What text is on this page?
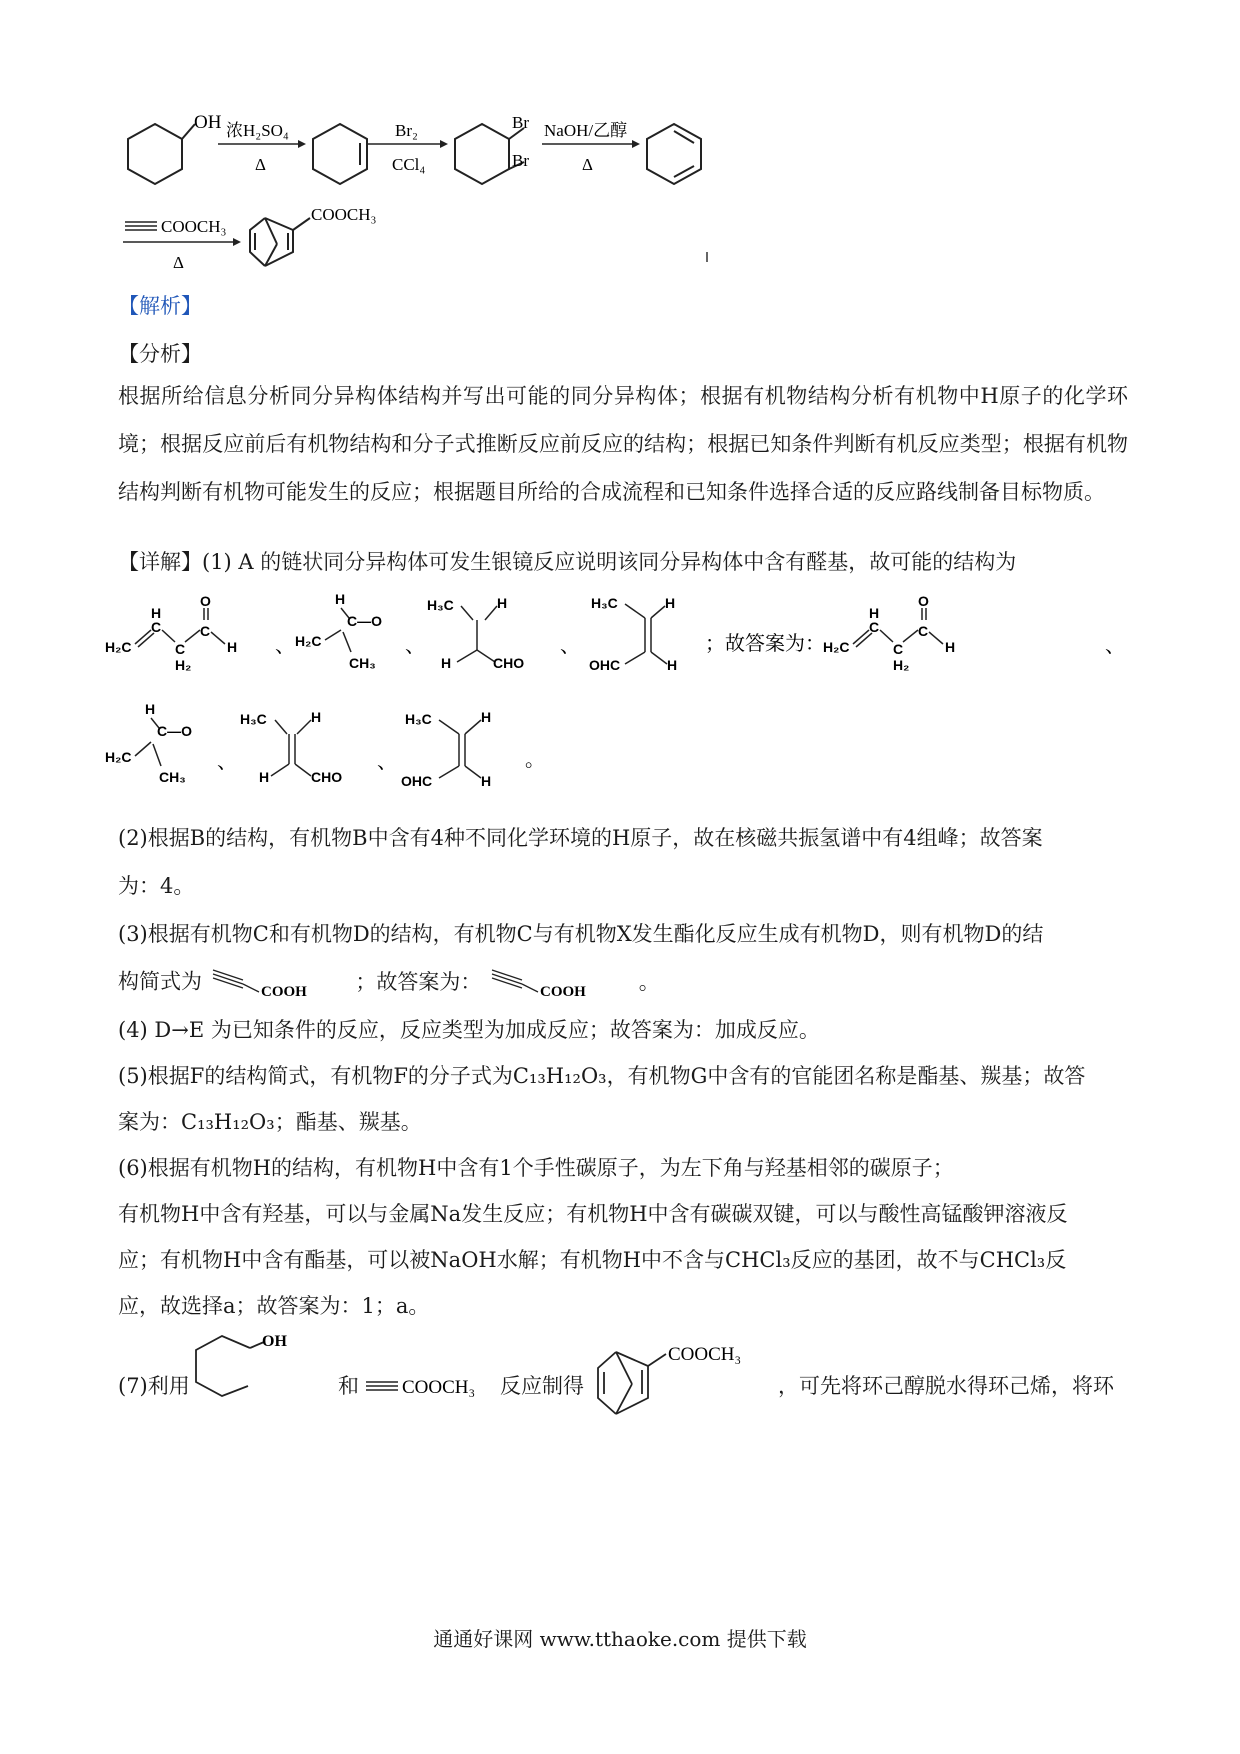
OH 浓H₂SO₄
Δ
Br₂
CCl₄
Br
Br
NaOH/乙醇
Δ
COOCH₃
Δ
COOCH₃
【解析】
【分析】

根据所给信息分析同分异构体结构并写出可能的同分异构体；根据有机物结构分析有机物中H原子的化学环境；根据反应前后有机物结构和分子式推断反应前反应的结构；根据已知条件判断有机反应类型；根据有机物结构判断有机物可能发生的反应；根据题目所给的合成流程和已知条件选择合适的反应路线制备目标物质。

【详解】(1) A 的链状同分异构体可发生银镜反应说明该同分异构体中含有醛基，故可能的结构为
H₂C
C
H
C
H₂
C
O
H 、
H
C—O
H₂C
CH₃
、
H₃C	H
H	CHO
、
H₃C	H
OHC	H
；故答案为：
H₂C
C
H
C
H₂
C
O
H	、
H
C—O
H₂C
CH₃
、
H₃C	H
H	CHO
、
H₃C	H
OHC	H
。
(2)根据B的结构，有机物B中含有4种不同化学环境的H原子，故在核磁共振氢谱中有4组峰；故答案
为：4。
(3)根据有机物C和有机物D的结构，有机物C与有机物X发生酯化反应生成有机物D，则有机物D的结
构简式为	COOH ；故答案为：	COOH	。
(4) D→E 为已知条件的反应，反应类型为加成反应；故答案为：加成反应。
(5)根据F的结构简式，有机物F的分子式为C₁₃H₁₂O₃，有机物G中含有的官能团名称是酯基、羰基；故答
案为：C₁₃H₁₂O₃；酯基、羰基。
(6)根据有机物H的结构，有机物H中含有1个手性碳原子，为左下角与羟基相邻的碳原子；
有机物H中含有羟基，可以与金属Na发生反应；有机物H中含有碳碳双键，可以与酸性高锰酸钾溶液反
应；有机物H中含有酯基，可以被NaOH水解；有机物H中不含与CHCl₃反应的基团，故不与CHCl₃反
应，故选择a；故答案为：1；a。
(7)利用
OH
和 COOCH₃ 反应制得
COOCH₃
，可先将环己醇脱水得环己烯，将环
通通好课网 www.tthaoke.com 提供下载
